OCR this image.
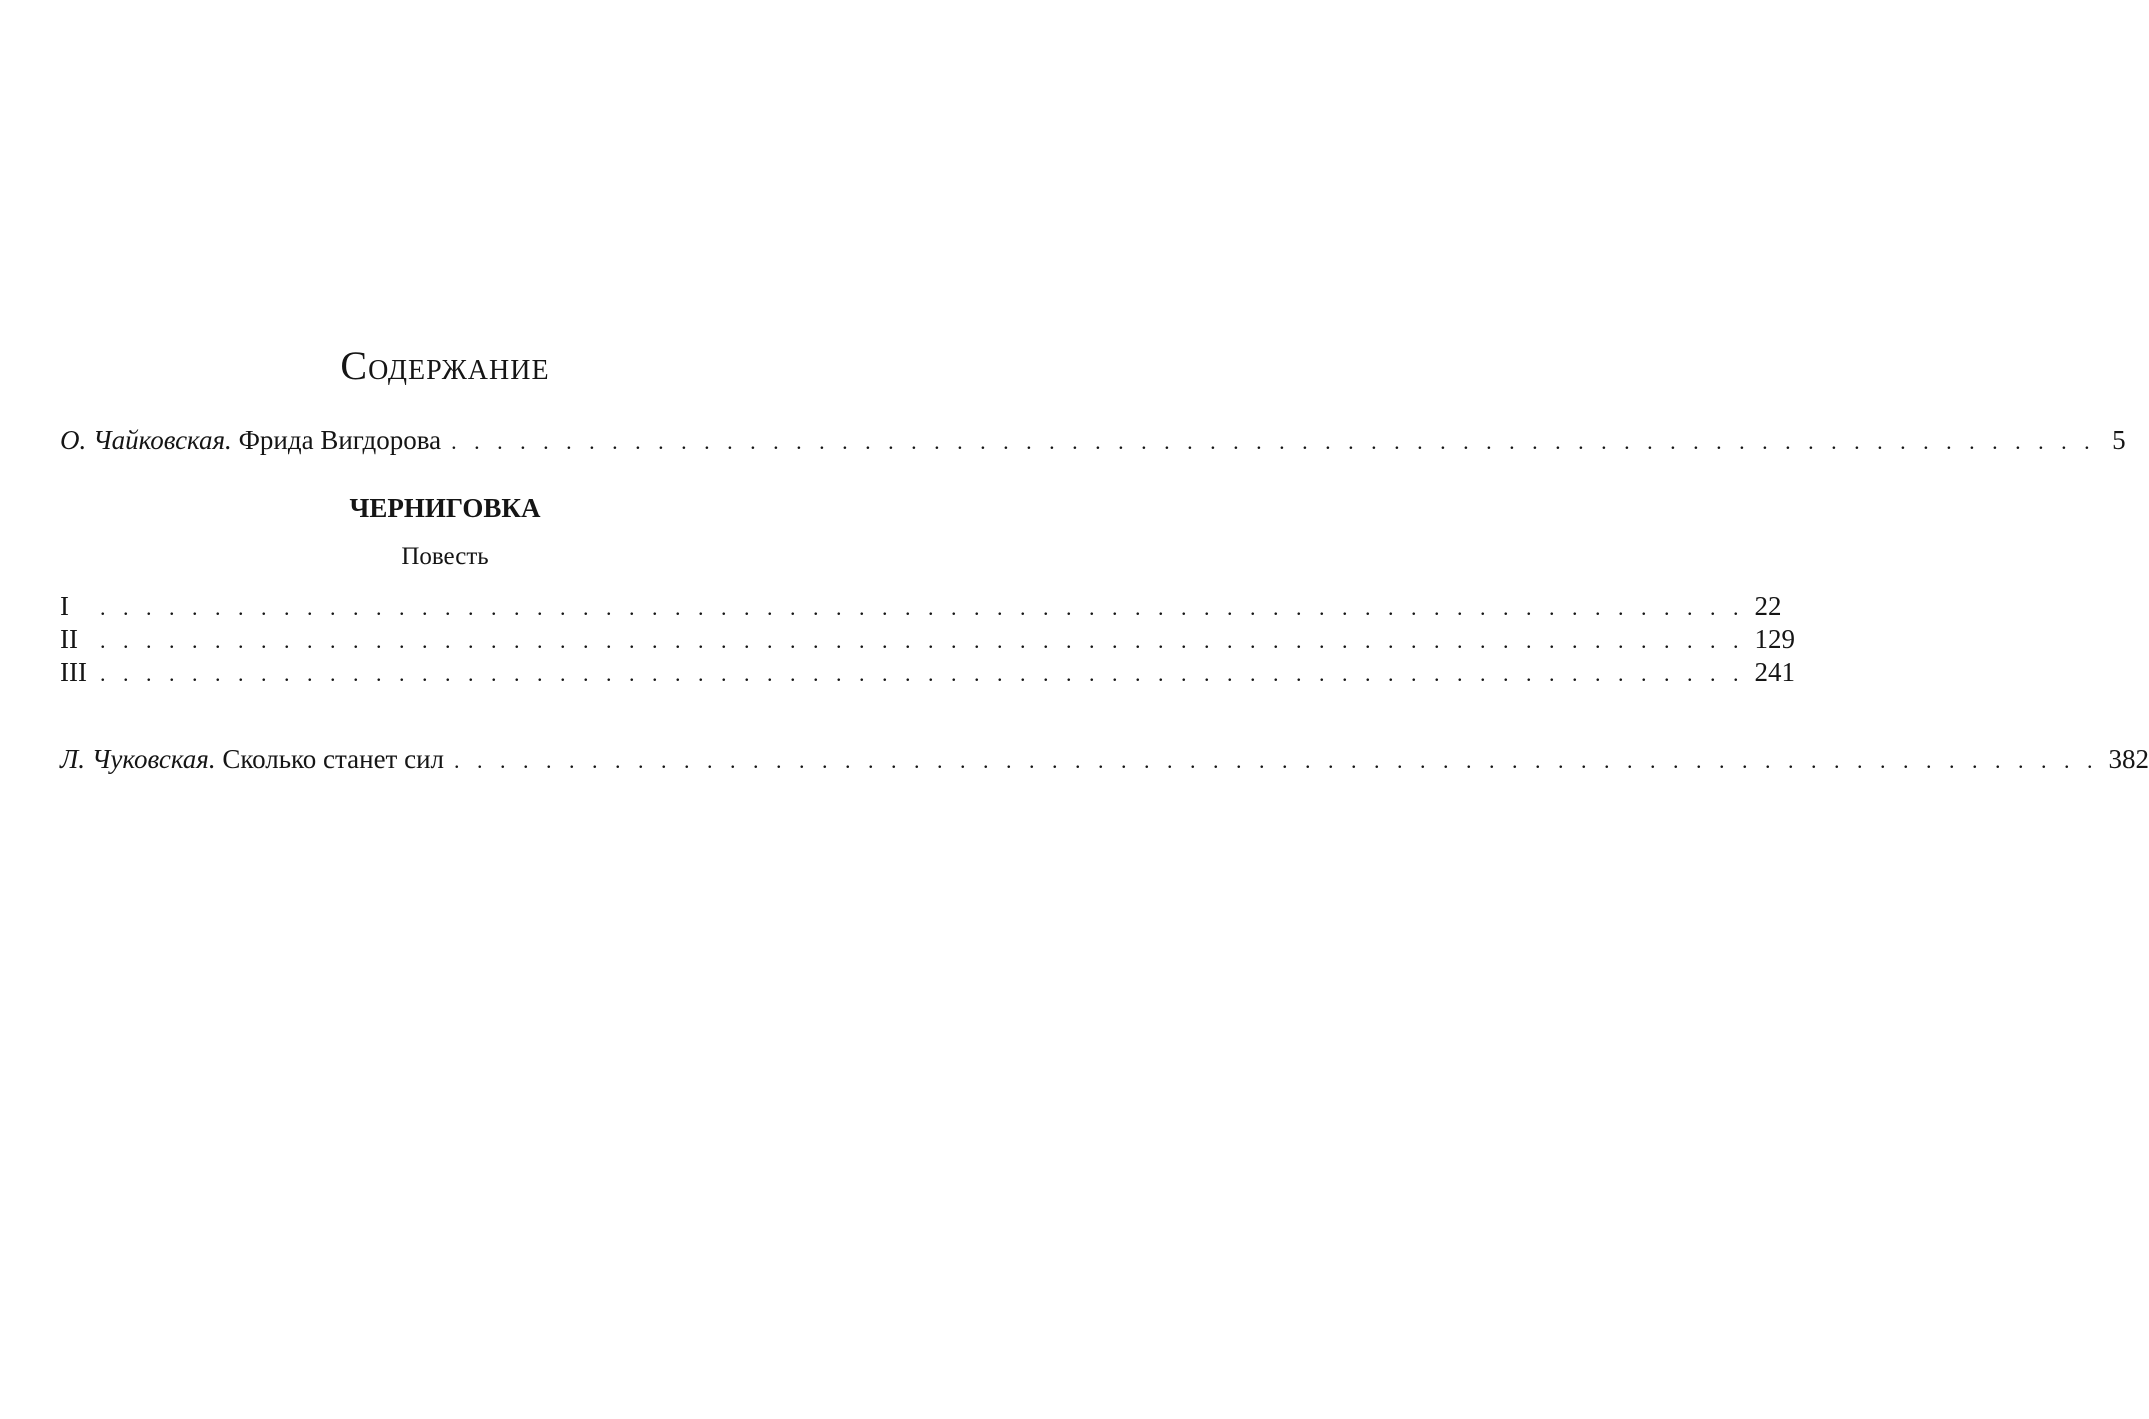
Содержание
О. Чайковская. Фрида Вигдорова . . . . . . . . . . . . . . . . . . . . . . . . . . . . . . . . . . . . . . . . . . . . . . . . . . . . . . . . . . . . . . . . . . . . . . . . 5
ЧЕРНИГОВКА
Повесть
I	. . . . . . . . . . . . . . . . . . . . . . . . . . . . . . . . . . . . . . . . . . . . . . . . . . . . . . . . . . . . . . . . . . . . . . . . 22
II	. . . . . . . . . . . . . . . . . . . . . . . . . . . . . . . . . . . . . . . . . . . . . . . . . . . . . . . . . . . . . . . . . . . . . . . . 129
III . . . . . . . . . . . . . . . . . . . . . . . . . . . . . . . . . . . . . . . . . . . . . . . . . . . . . . . . . . . . . . . . . . . . . . . . 241
Л. Чуковская. Сколько станет сил . . . . . . . . . . . . . . . . . . . . . . . . . . . . . . . . . . . . . . . . . . . . . . . . . . . . . . . . . . . . . . . . . . . . . . . . 382
